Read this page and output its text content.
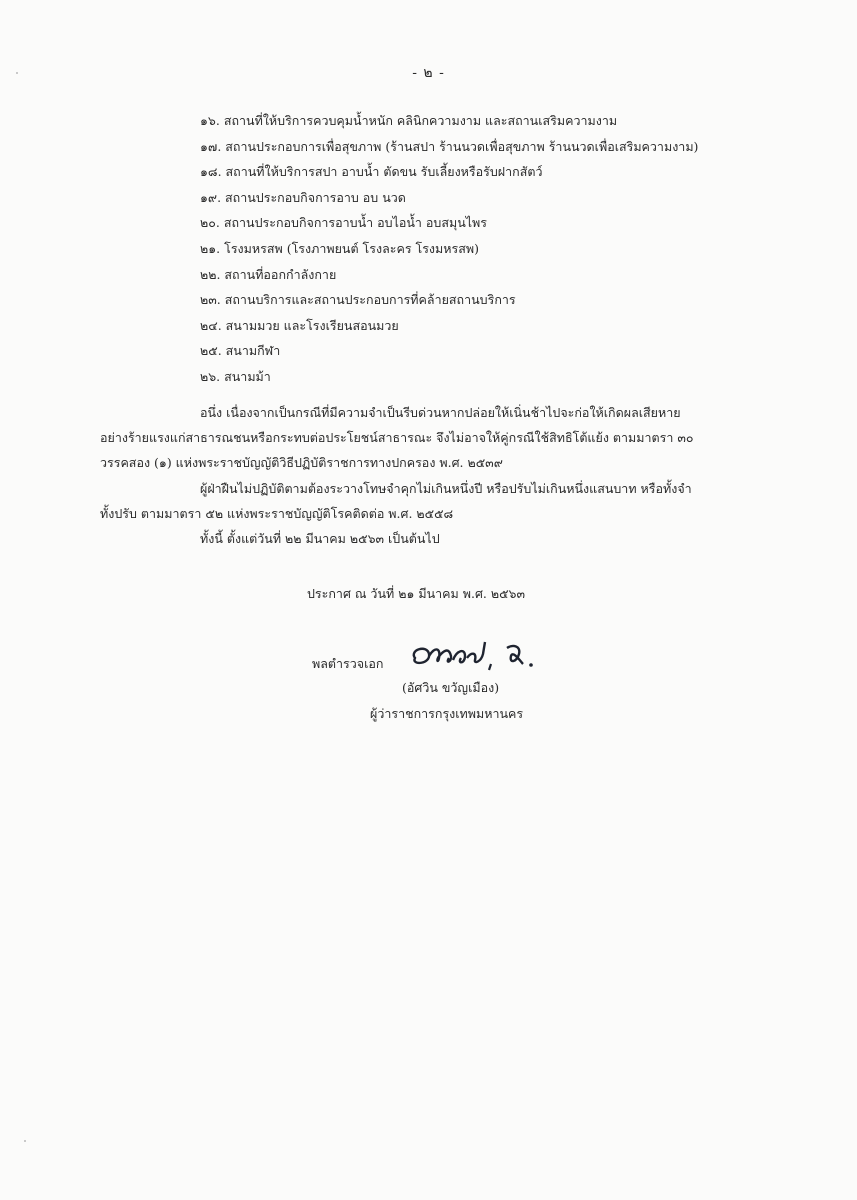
- ๒ -
๑๖. สถานที่ให้บริการควบคุมน้ำหนัก คลินิกความงาม และสถานเสริมความงาม
๑๗. สถานประกอบการเพื่อสุขภาพ (ร้านสปา ร้านนวดเพื่อสุขภาพ ร้านนวดเพื่อเสริมความงาม)
๑๘. สถานที่ให้บริการสปา อาบน้ำ ตัดขน รับเลี้ยงหรือรับฝากสัตว์
๑๙. สถานประกอบกิจการอาบ อบ นวด
๒๐. สถานประกอบกิจการอาบน้ำ อบไอน้ำ อบสมุนไพร
๒๑. โรงมหรสพ (โรงภาพยนต์ โรงละคร โรงมหรสพ)
๒๒. สถานที่ออกกำลังกาย
๒๓. สถานบริการและสถานประกอบการที่คล้ายสถานบริการ
๒๔. สนามมวย และโรงเรียนสอนมวย
๒๕. สนามกีฬา
๒๖. สนามม้า

อนึ่ง เนื่องจากเป็นกรณีที่มีความจำเป็นรีบด่วนหากปล่อยให้เนิ่นช้าไปจะก่อให้เกิดผลเสียหาย
อย่างร้ายแรงแก่สาธารณชนหรือกระทบต่อประโยชน์สาธารณะ จึงไม่อาจให้คู่กรณีใช้สิทธิโต้แย้ง ตามมาตรา ๓๐
วรรคสอง (๑) แห่งพระราชบัญญัติวิธีปฏิบัติราชการทางปกครอง พ.ศ. ๒๕๓๙

ผู้ฝ่าฝืนไม่ปฏิบัติตามต้องระวางโทษจำคุกไม่เกินหนึ่งปี หรือปรับไม่เกินหนึ่งแสนบาท หรือทั้งจำ
ทั้งปรับ ตามมาตรา ๕๒ แห่งพระราชบัญญัติโรคติดต่อ พ.ศ. ๒๕๕๘

ทั้งนี้ ตั้งแต่วันที่ ๒๒ มีนาคม ๒๕๖๓ เป็นต้นไป

ประกาศ ณ วันที่ ๒๑ มีนาคม พ.ศ. ๒๕๖๓
พลตำรวจเอก
(อัศวิน ขวัญเมือง)
ผู้ว่าราชการกรุงเทพมหานคร
